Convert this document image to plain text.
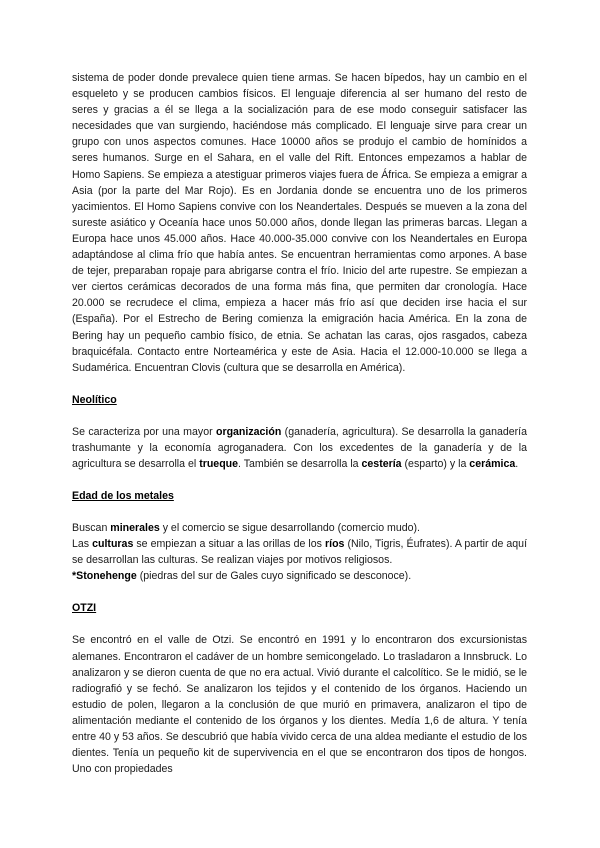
sistema de poder donde prevalece quien tiene armas. Se hacen bípedos, hay un cambio en el esqueleto y se producen cambios físicos. El lenguaje diferencia al ser humano del resto de seres y gracias a él se llega a la socialización para de ese modo conseguir satisfacer las necesidades que van surgiendo, haciéndose más complicado. El lenguaje sirve para crear un grupo con unos aspectos comunes. Hace 10000 años se produjo el cambio de homínidos a seres humanos. Surge en el Sahara, en el valle del Rift. Entonces empezamos a hablar de Homo Sapiens. Se empieza a atestiguar primeros viajes fuera de África. Se empieza a emigrar a Asia (por la parte del Mar Rojo). Es en Jordania donde se encuentra uno de los primeros yacimientos. El Homo Sapiens convive con los Neandertales. Después se mueven a la zona del sureste asiático y Oceanía hace unos 50.000 años, donde llegan las primeras barcas. Llegan a Europa hace unos 45.000 años. Hace 40.000-35.000 convive con los Neandertales en Europa adaptándose al clima frío que había antes. Se encuentran herramientas como arpones. A base de tejer, preparaban ropaje para abrigarse contra el frío. Inicio del arte rupestre. Se empiezan a ver ciertos cerámicas decorados de una forma más fina, que permiten dar cronología. Hace 20.000 se recrudece el clima, empieza a hacer más frío así que deciden irse hacia el sur (España). Por el Estrecho de Bering comienza la emigración hacia América. En la zona de Bering hay un pequeño cambio físico, de etnia. Se achatan las caras, ojos rasgados, cabeza braquicéfala. Contacto entre Norteamérica y este de Asia. Hacia el 12.000-10.000 se llega a Sudamérica. Encuentran Clovis (cultura que se desarrolla en América).

Neolítico

Se caracteriza por una mayor organización (ganadería, agricultura). Se desarrolla la ganadería trashumante y la economía agroganadera. Con los excedentes de la ganadería y de la agricultura se desarrolla el trueque. También se desarrolla la cestería (esparto) y la cerámica.

Edad de los metales

Buscan minerales y el comercio se sigue desarrollando (comercio mudo).

Las culturas se empiezan a situar a las orillas de los ríos (Nilo, Tigris, Éufrates). A partir de aquí se desarrollan las culturas. Se realizan viajes por motivos religiosos.

*Stonehenge (piedras del sur de Gales cuyo significado se desconoce).

OTZI

Se encontró en el valle de Otzi. Se encontró en 1991 y lo encontraron dos excursionistas alemanes. Encontraron el cadáver de un hombre semicongelado. Lo trasladaron a Innsbruck. Lo analizaron y se dieron cuenta de que no era actual. Vivió durante el calcolítico. Se le midió, se le radiografió y se fechó. Se analizaron los tejidos y el contenido de los órganos. Haciendo un estudio de polen, llegaron a la conclusión de que murió en primavera, analizaron el tipo de alimentación mediante el contenido de los órganos y los dientes. Medía 1,6 de altura. Y tenía entre 40 y 53 años. Se descubrió que había vivido cerca de una aldea mediante el estudio de los dientes. Tenía un pequeño kit de supervivencia en el que se encontraron dos tipos de hongos. Uno con propiedades
